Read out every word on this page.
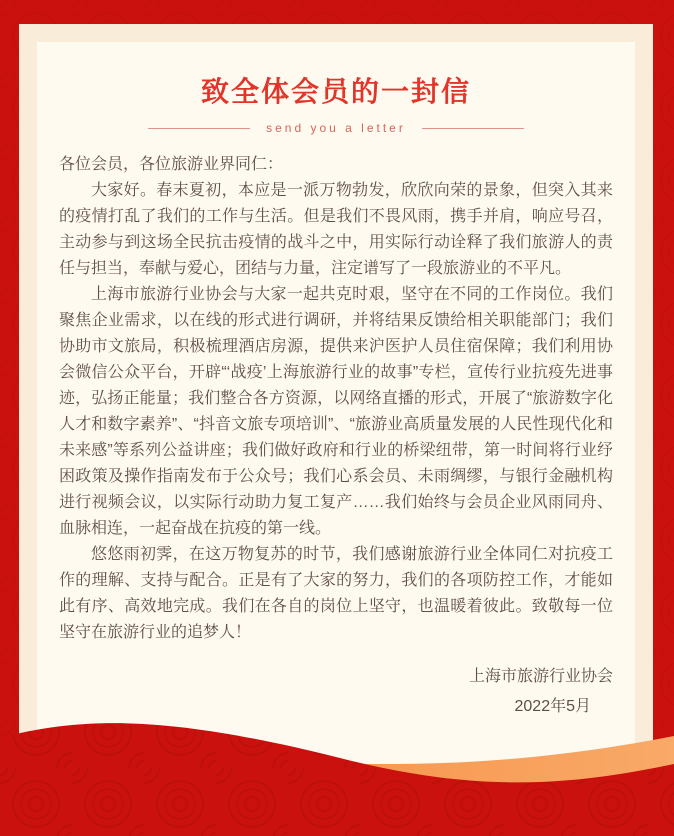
致全体会员的一封信
send you a letter

各位会员，各位旅游业界同仁：

大家好。春末夏初，本应是一派万物勃发，欣欣向荣的景象，但突入其来的疫情打乱了我们的工作与生活。但是我们不畏风雨，携手并肩，响应号召，主动参与到这场全民抗击疫情的战斗之中，用实际行动诠释了我们旅游人的责任与担当，奉献与爱心，团结与力量，注定谱写了一段旅游业的不平凡。

上海市旅游行业协会与大家一起共克时艰，坚守在不同的工作岗位。我们聚焦企业需求，以在线的形式进行调研，并将结果反馈给相关职能部门；我们协助市文旅局，积极梳理酒店房源，提供来沪医护人员住宿保障；我们利用协会微信公众平台，开辟“‘战疫’上海旅游行业的故事”专栏，宣传行业抗疫先进事迹，弘扬正能量；我们整合各方资源，以网络直播的形式，开展了“旅游数字化人才和数字素养”、“抖音文旅专项培训”、“旅游业高质量发展的人民性现代化和未来感”等系列公益讲座；我们做好政府和行业的桥梁纽带，第一时间将行业纾困政策及操作指南发布于公众号；我们心系会员、未雨绸缪，与银行金融机构进行视频会议，以实际行动助力复工复产……我们始终与会员企业风雨同舟、血脉相连，一起奋战在抗疫的第一线。

悠悠雨初霁，在这万物复苏的时节，我们感谢旅游行业全体同仁对抗疫工作的理解、支持与配合。正是有了大家的努力，我们的各项防控工作，才能如此有序、高效地完成。我们在各自的岗位上坚守，也温暖着彼此。致敬每一位坚守在旅游行业的追梦人！

上海市旅游行业协会
2022年5月
